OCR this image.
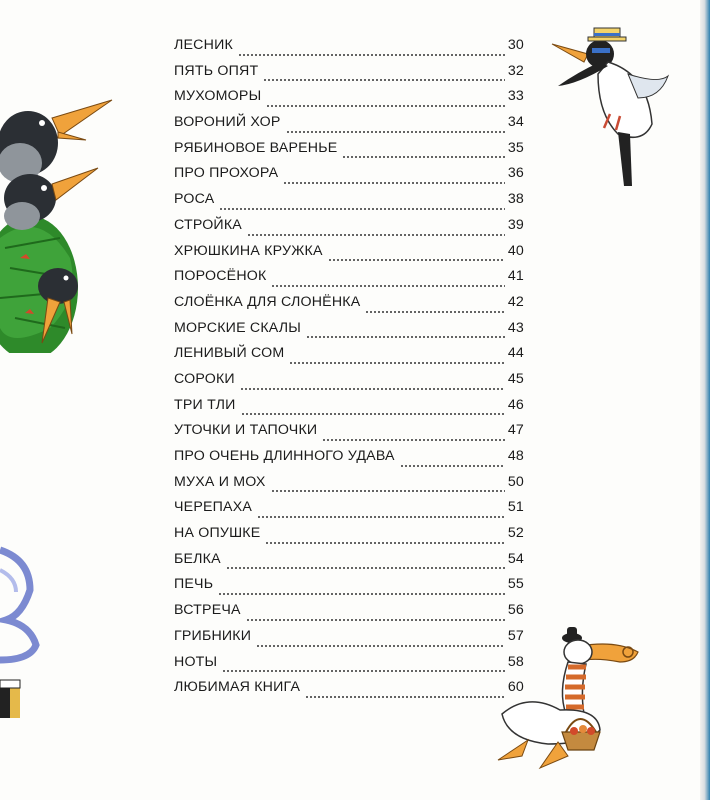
ЛЕСНИК	30
ПЯТЬ ОПЯТ	32
МУХОМОРЫ	33
ВОРОНИЙ ХОР	34
РЯБИНОВОЕ ВАРЕНЬЕ	35
ПРО ПРОХОРА	36
РОСА	38
СТРОЙКА	39
ХРЮШКИНА КРУЖКА	40
ПОРОСЁНОК	41
СЛОЁНКА ДЛЯ СЛОНЁНКА	42
МОРСКИЕ СКАЛЫ	43
ЛЕНИВЫЙ СОМ	44
СОРОКИ	45
ТРИ ТЛИ	46
УТОЧКИ И ТАПОЧКИ	47
ПРО ОЧЕНЬ ДЛИННОГО УДАВА	48
МУХА И МОХ	50
ЧЕРЕПАХА	51
НА ОПУШКЕ	52
БЕЛКА	54
ПЕЧЬ	55
ВСТРЕЧА	56
ГРИБНИКИ	57
НОТЫ	58
ЛЮБИМАЯ КНИГА	60
